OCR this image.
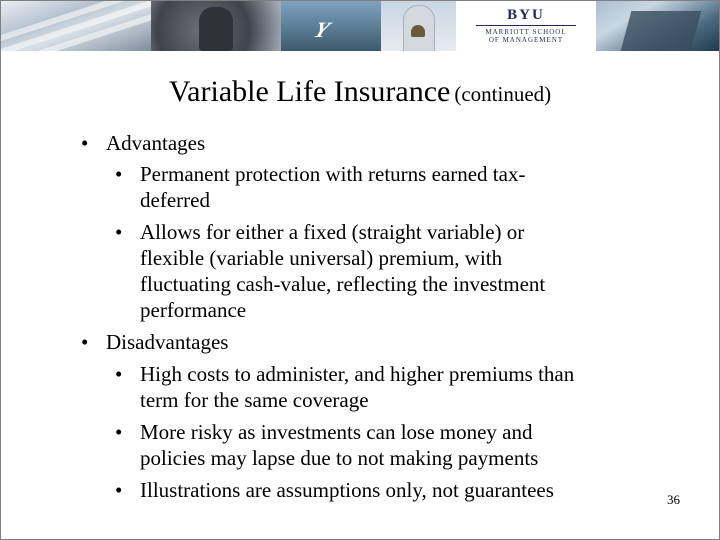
Y
BYU
MARRIOTT SCHOOL
OF MANAGEMENT
Variable Life Insurance (continued)
• Advantages
• Permanent protection with returns earned tax-
deferred
• Allows for either a fixed (straight variable) or
flexible (variable universal) premium, with
fluctuating cash-value, reflecting the investment
performance
• Disadvantages
• High costs to administer, and higher premiums than
term for the same coverage
• More risky as investments can lose money and
policies may lapse due to not making payments
• Illustrations are assumptions only, not guarantees	36
